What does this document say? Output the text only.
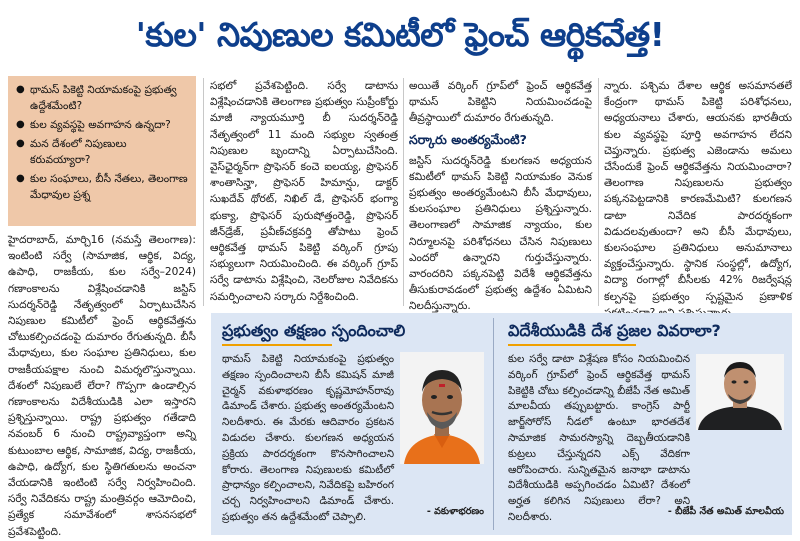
'కుల' నిపుణుల కమిటీలో ఫ్రెంచ్ ఆర్థికవేత్త!
● థామస్ పికెట్టి నియామకంపై ప్రభుత్వ ఉద్దేశమేంటి?
● కుల వ్యవస్థపై అవగాహన ఉన్నదా?
● మన దేశంలో నిపుణులు కరువయ్యారా?
● కుల సంఘాలు, బీసీ నేతలు, తెలంగాణ మేధావుల ప్రశ్న

హైదరాబాద్, మార్చి16 (నమస్తే తెలంగాణ): ఇంటింటి సర్వే (సామాజిక, ఆర్థిక, విద్య, ఉపాధి, రాజకీయ, కుల సర్వే–2024) గణాంకాలను విశ్లేషించడానికి జస్టిస్ సుదర్శన్‌రెడ్డి నేతృత్వంలో ఏర్పాటుచేసిన నిపుణుల కమిటీలో ఫ్రెంచ్ ఆర్థికవేత్తను చోటుకల్పించడంపై దుమారం రేగుతున్నది. బీసీ మేధావులు, కుల సంఘాల ప్రతినిధులు, కుల రాజకీయపక్షాల నుంచి విమర్శలొస్తున్నాయి. దేశంలో నిపుణులే లేరా? గొప్పగా ఉండాల్సిన గణాంకాలను విదేశీయుడికి ఎలా ఇస్తారని ప్రశ్నిస్తున్నాయి. రాష్ట్ర ప్రభుత్వం గతేడాది నవంబర్ 6 నుంచి రాష్ట్రవ్యాప్తంగా అన్ని కుటుంబాల ఆర్థిక, సామాజిక, విద్య, రాజకీయ, ఉపాధి, ఉద్యోగ, కుల స్థితిగతులను అంచనా వేయడానికి ఇంటింటి సర్వే నిర్వహించింది. సర్వే నివేదికను రాష్ట్ర మంత్రివర్గం ఆమోదించి, ప్రత్యేక సమావేశంలో శాసనసభలో ప్రవేశపెట్టింది.

సభలో ప్రవేశపెట్టింది. సర్వే డాటాను విశ్లేషించడానికి తెలంగాణ ప్రభుత్వం సుప్రీంకోర్టు మాజీ న్యాయమూర్తి బీ సుదర్శన్‌రెడ్డి నేతృత్వంలో 11 మంది సభ్యుల స్వతంత్ర నిపుణుల బృందాన్ని ఏర్పాటుచేసింది. వైస్‌ఛైర్మన్‌గా ప్రొఫెసర్ కంచె ఐలయ్య, ప్రొఫెసర్ శాంతాసిన్హా, ప్రొఫెసర్ హిమాన్షు, డాక్టర్ సుఖదేవ్ థోరట్, నిఖిల్ డే, ప్రొఫెసర్ భంగ్యా భుక్యా, ప్రొఫెసర్ పురుషోత్తంరెడ్డి, ప్రొఫెసర్ జీన్‌డ్రేజ్, ప్రవీణ్‌చక్రవర్తి తోపాటు ఫ్రెంచ్ ఆర్థికవేత్త థామస్ పికెట్టి వర్కింగ్ గ్రూపు సభ్యులుగా నియమించింది. ఈ వర్కింగ్ గ్రూప్ సర్వే డాటాను విశ్లేషించి, నెలరోజుల నివేదికను సమర్పించాలని సర్కారు నిర్దేశించింది.

అయితే వర్కింగ్ గ్రూప్‌లో ఫ్రెంచ్ ఆర్థికవేత్త థామస్ పికెట్టిని నియమించడంపై తీవ్రస్థాయిలో దుమారం రేగుతున్నది.

సర్కారు అంతర్యమేంటి?

జస్టిస్ సుదర్శన్‌రెడ్డి కులగణన అధ్యయన కమిటీలో థామస్ పికెట్టి నియామకం వెనుక ప్రభుత్వం అంతర్యమేంటని బీసీ మేధావులు, కులసంఘాల ప్రతినిధులు ప్రశ్నిస్తున్నారు. తెలంగాణలో సామాజిక న్యాయం, కుల నిర్మూలనపై పరిశోధనలు చేసిన నిపుణులు ఎందరో ఉన్నారని గుర్తుచేస్తున్నారు. వారందరిని పక్కనపెట్టి విదేశీ ఆర్థికవేత్తను తీసుకురావడంలో ప్రభుత్వ ఉద్దేశం ఏమిటని నిలదీస్తున్నారు.

న్నారు. పశ్చిమ దేశాల ఆర్థిక అసమానతలే కేంద్రంగా థామస్ పికెట్టి పరిశోధనలు, అధ్యయనాలు చేశారు, ఆయనకు భారతీయ కుల వ్యవస్థపై పూర్తి అవగాహన లేదని చెప్తున్నారు. ప్రభుత్వ ఎజెండాను అమలు చేసేందుకే ఫ్రెంచ్ ఆర్థికవేత్తను నియమించారా? తెలంగాణ నిపుణులను ప్రభుత్వం పక్కనపెట్టడానికి కారణమేమిటి? కులగణన డాటా నివేదిక పారదర్శకంగా విడుదలవుతుందా? అని బీసీ మేధావులు, కులసంఘాల ప్రతినిధులు అనుమానాలు వ్యక్తంచేస్తున్నారు. స్థానిక సంస్థల్లో, ఉద్యోగ, విద్యా రంగాల్లో బీసీలకు 42% రిజర్వేషన్ల కల్పనపై ప్రభుత్వం స్పష్టమైన ప్రణాళిక

ప్రభుత్వం తక్షణం స్పందించాలి

థామస్ పికెట్టి నియామకంపై ప్రభుత్వం తక్షణం స్పందించాలని బీసీ కమిషన్ మాజీ చైర్మన్ వకుళాభరణం కృష్ణమోహన్‌రావు డిమాండ్ చేశారు. ప్రభుత్వ అంతర్యమేంటని నిలదీశారు. ఈ మేరకు ఆదివారం ప్రకటన విడుదల చేశారు. కులగణన అధ్యయన ప్రక్రియ పారదర్శకంగా కొనసాగించాలని కోరారు. తెలంగాణ నిపుణులకు కమిటీలో ప్రాధాన్యం కల్పించాలని, నివేదికపై బహిరంగ చర్చ నిర్వహించాలని డిమాండ్ చేశారు. ప్రభుత్వం తన ఉద్దేశమేంటో చెప్పాలి.	- వకుళాభరణం
విదేశీయుడికి దేశ ప్రజల వివరాలా?

కుల సర్వే డాటా విశ్లేషణ కోసం నియమించిన వర్కింగ్ గ్రూప్‌లో ఫ్రెంచ్ ఆర్థికవేత్త థామస్ పికెట్టికి చోటు కల్పించడాన్ని బీజేపీ నేత అమిత్ మాలవీయ తప్పుబట్టారు. కాంగ్రెస్ పార్టీ జార్జ్‌సోరోస్ నీడలో ఉంటూ భారతదేశ సామాజిక సామరస్యాన్ని దెబ్బతీయడానికి కుట్రలు చేస్తున్నదని ఎక్స్ వేదికగా ఆరోపించారు. సున్నితమైన జనాభా డాటాను విదేశీయుడికి అప్పగించడం ఏమిటి? దేశంలో అర్హత కలిగిన నిపుణులు లేరా? అని నిలదీశారు.	- బీజేపీ నేత అమిత్ మాలవీయ
